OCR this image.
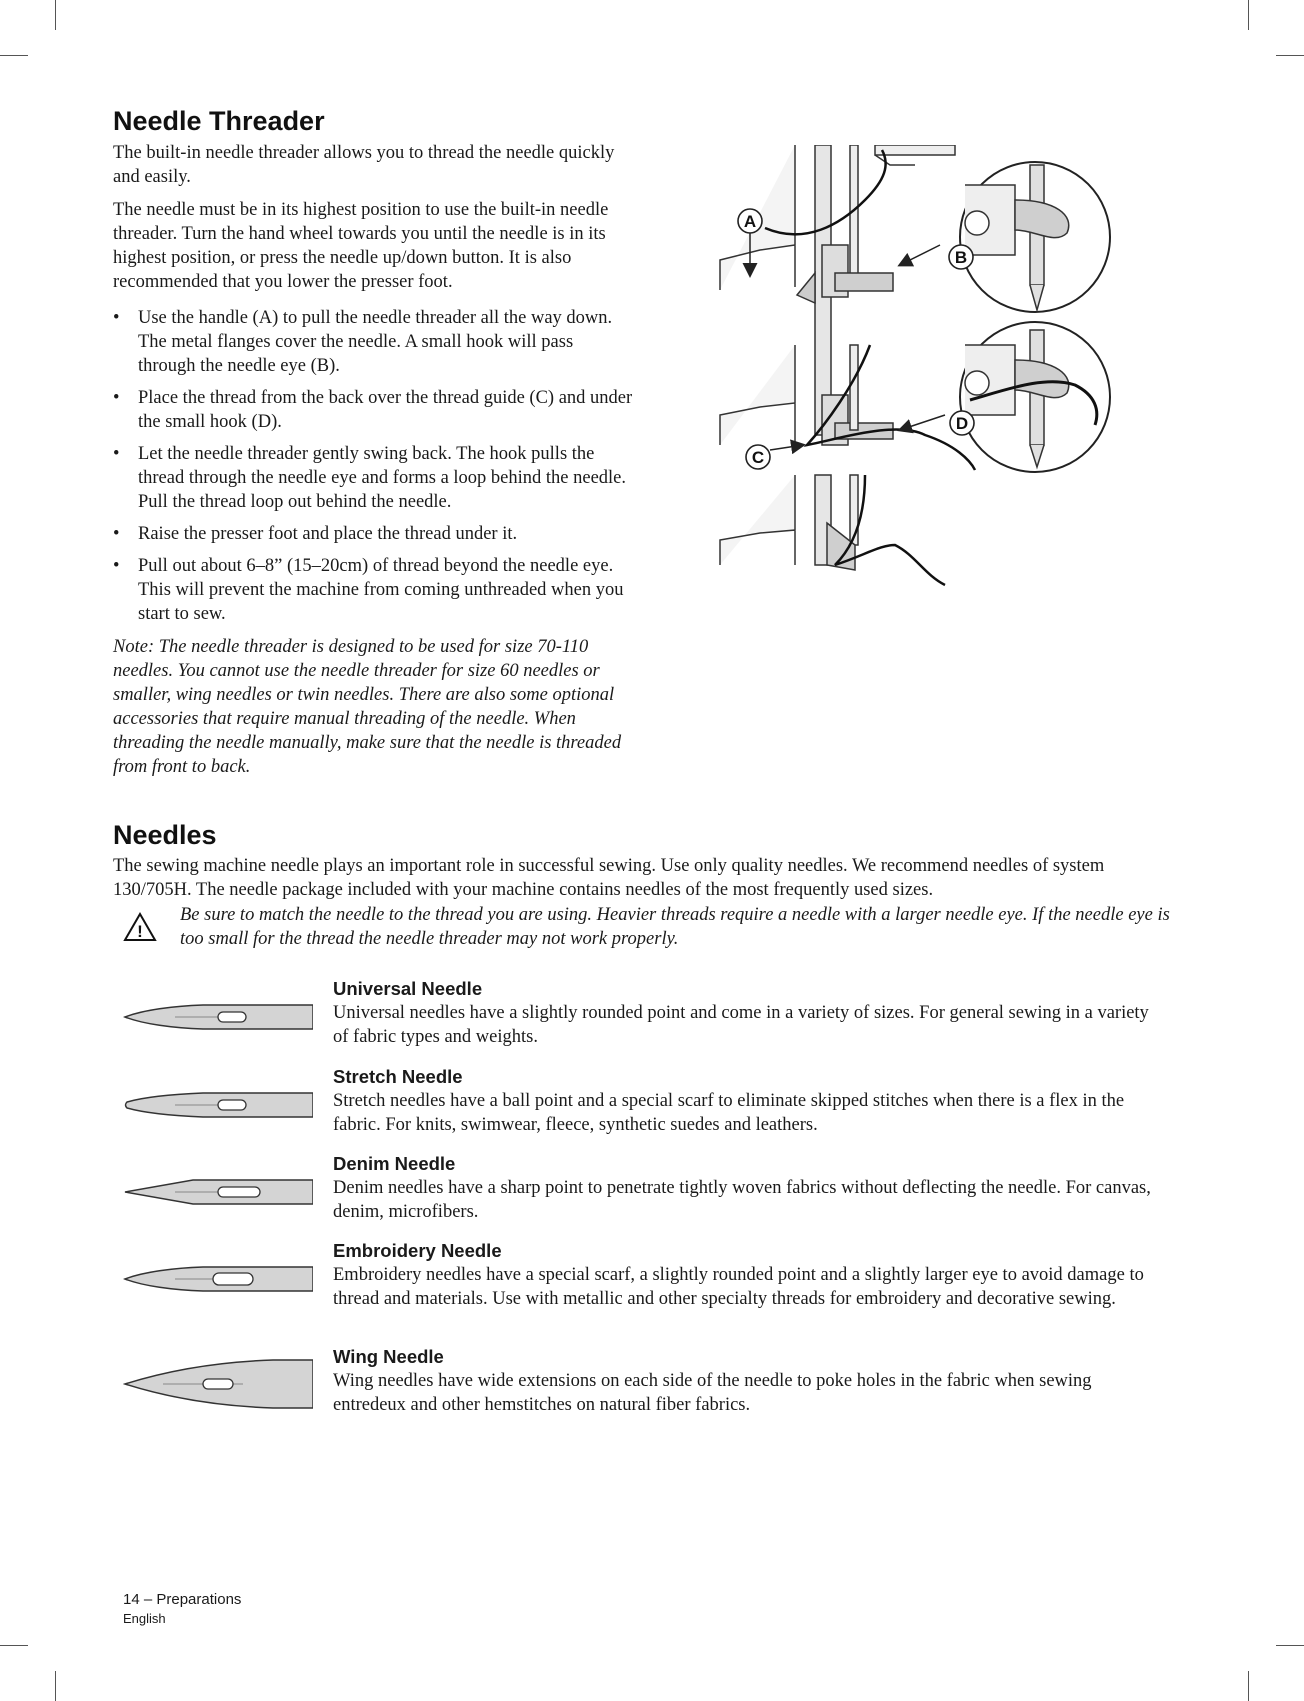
Needle Threader

The built-in needle threader allows you to thread the needle quickly and easily.

The needle must be in its highest position to use the built-in needle threader. Turn the hand wheel towards you until the needle is in its highest position, or press the needle up/down button. It is also recommended that you lower the presser foot.

• Use the handle (A) to pull the needle threader all the way down. The metal flanges cover the needle. A small hook will pass through the needle eye (B).
• Place the thread from the back over the thread guide (C) and under the small hook (D).
• Let the needle threader gently swing back. The hook pulls the thread through the needle eye and forms a loop behind the needle. Pull the thread loop out behind the needle.
• Raise the presser foot and place the thread under it.
• Pull out about 6–8” (15–20cm) of thread beyond the needle eye. This will prevent the machine from coming unthreaded when you start to sew.

Note: The needle threader is designed to be used for size 70-110 needles. You cannot use the needle threader for size 60 needles or smaller, wing needles or twin needles. There are also some optional accessories that require manual threading of the needle. When threading the needle manually, make sure that the needle is threaded from front to back.

A
B
D
C
Needles

The sewing machine needle plays an important role in successful sewing. Use only quality needles. We recommend needles of system 130/705H. The needle package included with your machine contains needles of the most frequently used sizes.

!

Be sure to match the needle to the thread you are using. Heavier threads require a needle with a larger needle eye. If the needle eye is too small for the thread the needle threader may not work properly.

Universal Needle

Universal needles have a slightly rounded point and come in a variety of sizes. For general sewing in a variety of fabric types and weights.

Stretch Needle

Stretch needles have a ball point and a special scarf to eliminate skipped stitches when there is a flex in the fabric. For knits, swimwear, fleece, synthetic suedes and leathers.

Denim Needle

Denim needles have a sharp point to penetrate tightly woven fabrics without deflecting the needle. For canvas, denim, microfibers.

Embroidery Needle

Embroidery needles have a special scarf, a slightly rounded point and a slightly larger eye to avoid damage to thread and materials. Use with metallic and other specialty threads for embroidery and decorative sewing.

Wing Needle

Wing needles have wide extensions on each side of the needle to poke holes in the fabric when sewing entredeux and other hemstitches on natural fiber fabrics.

14 – Preparations
English
